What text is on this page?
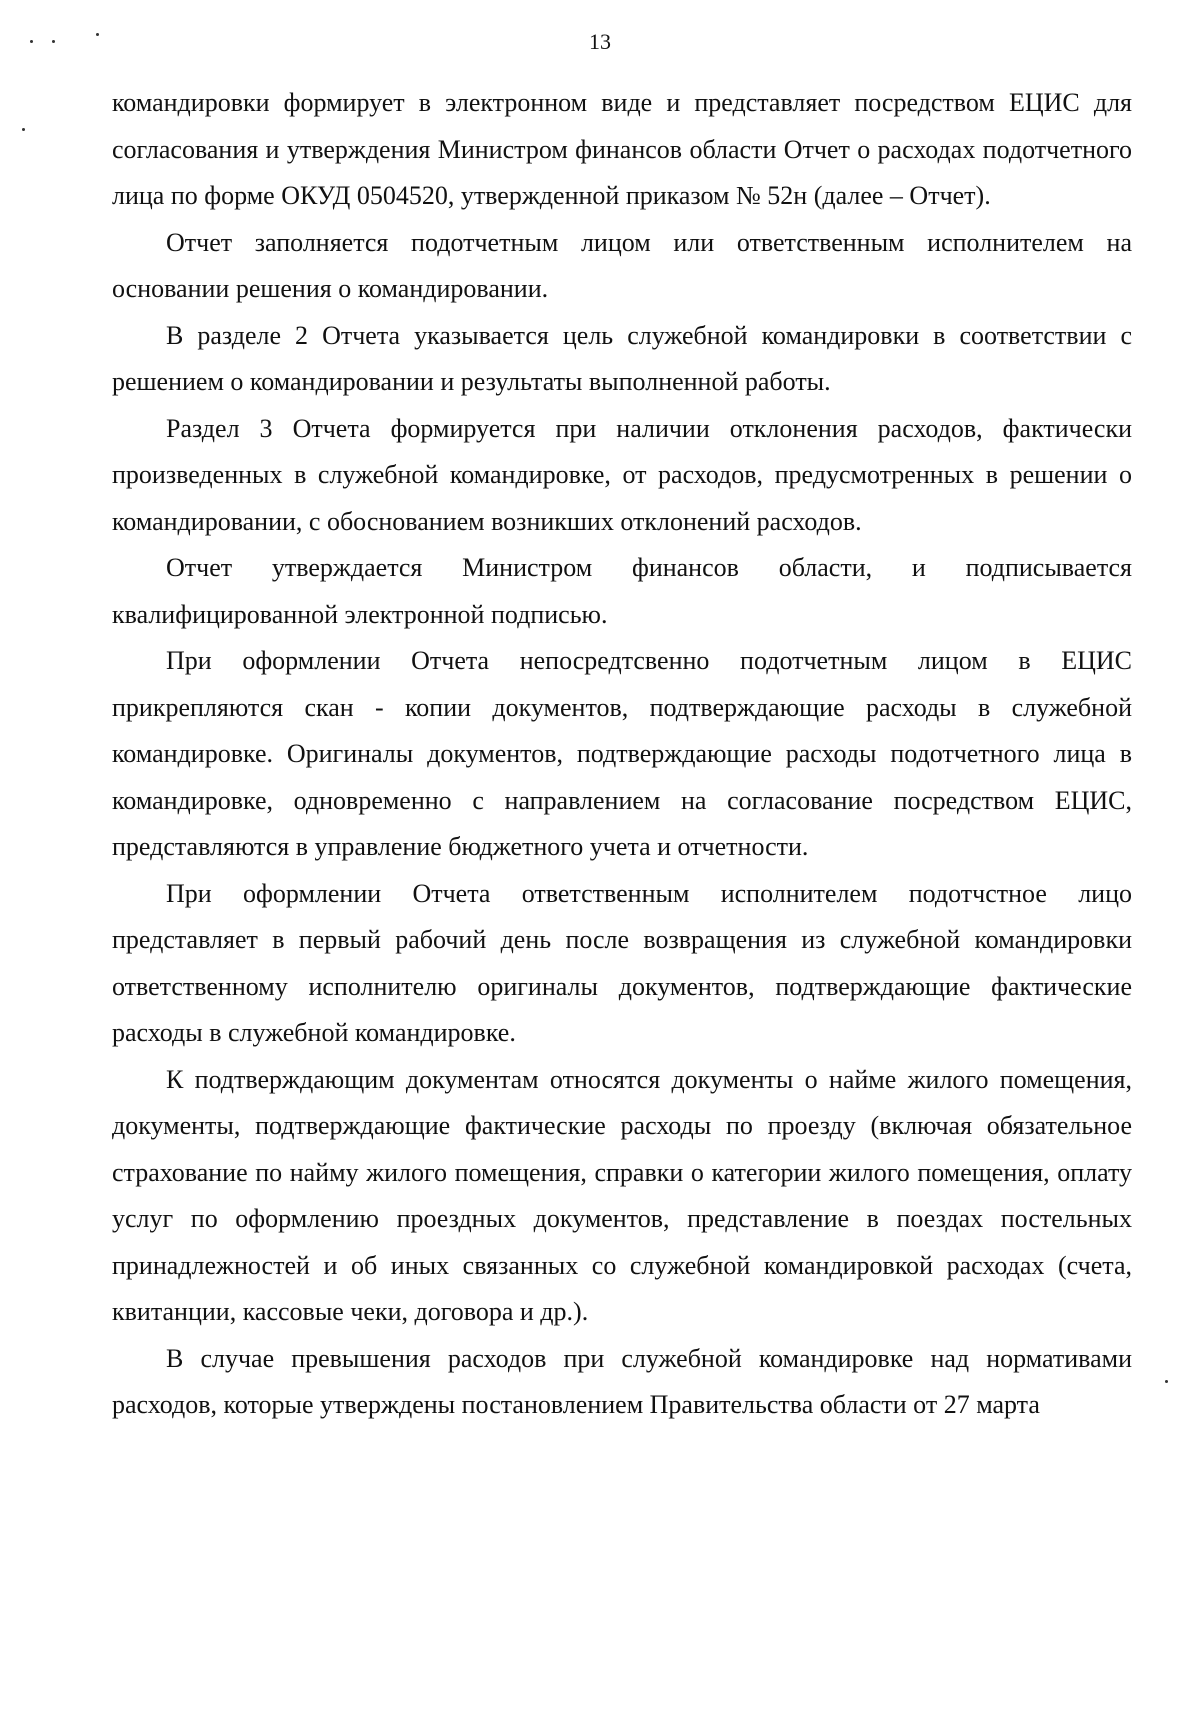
13

командировки формирует в электронном виде и представляет посредством ЕЦИС для согласования и утверждения Министром финансов области Отчет о расходах подотчетного лица по форме ОКУД 0504520, утвержденной приказом № 52н (далее – Отчет).

Отчет заполняется подотчетным лицом или ответственным исполнителем на основании решения о командировании.

В разделе 2 Отчета указывается цель служебной командировки в соответствии с решением о командировании и результаты выполненной работы.

Раздел 3 Отчета формируется при наличии отклонения расходов, фактически произведенных в служебной командировке, от расходов, предусмотренных в решении о командировании, с обоснованием возникших отклонений расходов.

Отчет утверждается Министром финансов области, и подписывается квалифицированной электронной подписью.

При оформлении Отчета непосредтсвенно подотчетным лицом в ЕЦИС прикрепляются скан - копии документов, подтверждающие расходы в служебной командировке. Оригиналы документов, подтверждающие расходы подотчетного лица в командировке, одновременно с направлением на согласование посредством ЕЦИС, представляются в управление бюджетного учета и отчетности.

При оформлении Отчета ответственным исполнителем подотчстное лицо представляет в первый рабочий день после возвращения из служебной командировки ответственному исполнителю оригиналы документов, подтверждающие фактические расходы в служебной командировке.

К подтверждающим документам относятся документы о найме жилого помещения, документы, подтверждающие фактические расходы по проезду (включая обязательное страхование по найму жилого помещения, справки о категории жилого помещения, оплату услуг по оформлению проездных документов, представление в поездах постельных принадлежностей и об иных связанных со служебной командировкой расходах (счета, квитанции, кассовые чеки, договора и др.).

В случае превышения расходов при служебной командировке над нормативами расходов, которые утверждены постановлением Правительства области от 27 марта
